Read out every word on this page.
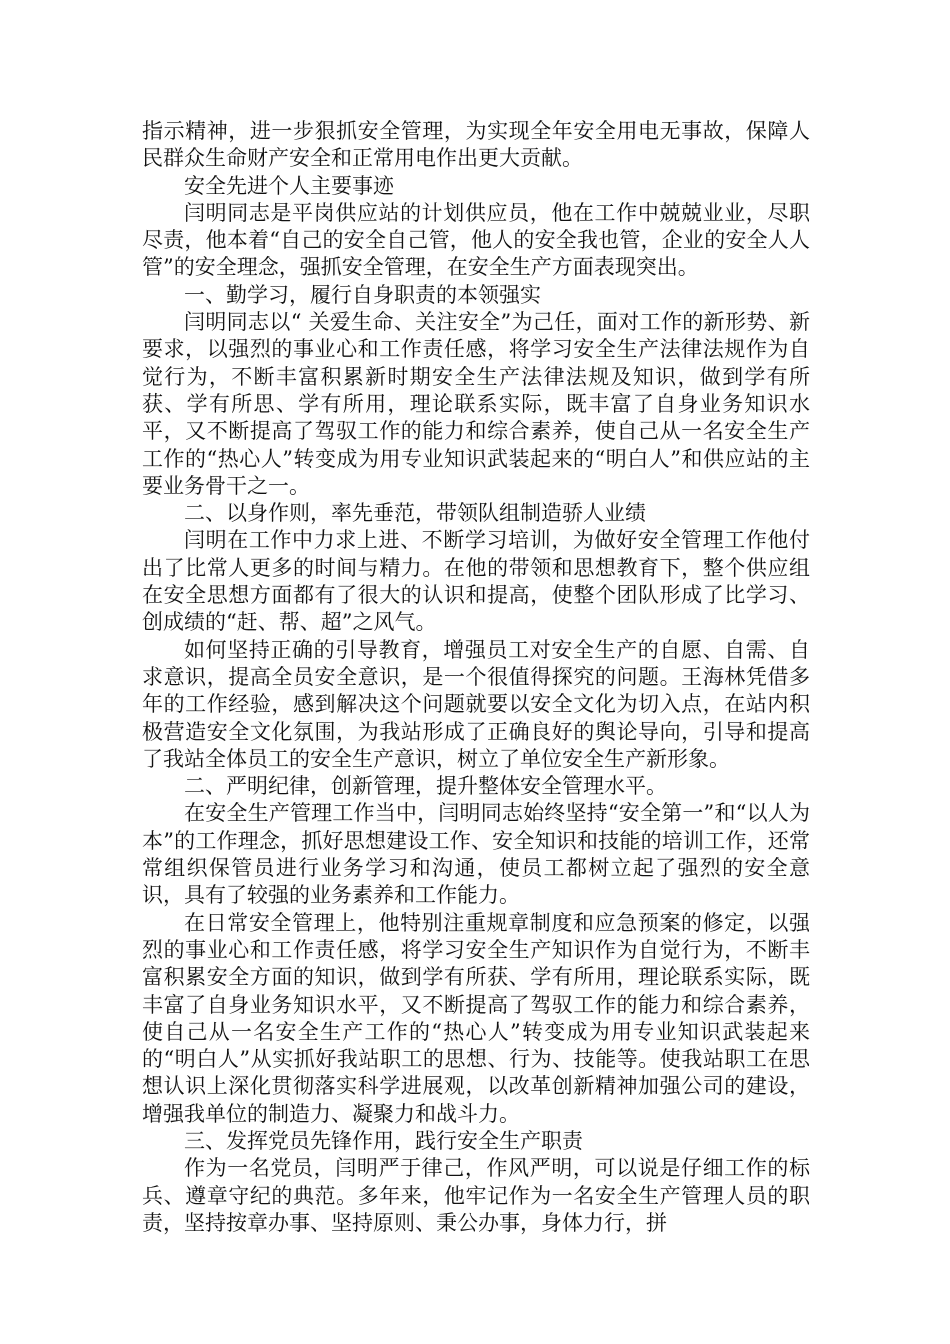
指示精神，进一步狠抓安全管理，为实现全年安全用电无事故，保障人民群众生命财产安全和正常用电作出更大贡献。

安全先进个人主要事迹

闫明同志是平岗供应站的计划供应员，他在工作中兢兢业业，尽职尽责，他本着“自己的安全自己管，他人的安全我也管，企业的安全人人管”的安全理念，强抓安全管理，在安全生产方面表现突出。

一、勤学习，履行自身职责的本领强实

闫明同志以“ 关爱生命、关注安全”为己任，面对工作的新形势、新要求，以强烈的事业心和工作责任感，将学习安全生产法律法规作为自觉行为，不断丰富积累新时期安全生产法律法规及知识，做到学有所获、学有所思、学有所用，理论联系实际，既丰富了自身业务知识水平，又不断提高了驾驭工作的能力和综合素养，使自己从一名安全生产工作的“热心人”转变成为用专业知识武装起来的“明白人”和供应站的主要业务骨干之一。

二、以身作则，率先垂范，带领队组制造骄人业绩

闫明在工作中力求上进、不断学习培训，为做好安全管理工作他付出了比常人更多的时间与精力。在他的带领和思想教育下，整个供应组在安全思想方面都有了很大的认识和提高，使整个团队形成了比学习、创成绩的“赶、帮、超”之风气。

如何坚持正确的引导教育，增强员工对安全生产的自愿、自需、自求意识，提高全员安全意识，是一个很值得探究的问题。王海林凭借多年的工作经验，感到解决这个问题就要以安全文化为切入点，在站内积极营造安全文化氛围，为我站形成了正确良好的舆论导向，引导和提高了我站全体员工的安全生产意识，树立了单位安全生产新形象。

二、严明纪律，创新管理，提升整体安全管理水平。

在安全生产管理工作当中，闫明同志始终坚持“安全第一”和“以人为本”的工作理念，抓好思想建设工作、安全知识和技能的培训工作，还常常组织保管员进行业务学习和沟通，使员工都树立起了强烈的安全意识，具有了较强的业务素养和工作能力。

在日常安全管理上，他特别注重规章制度和应急预案的修定，以强烈的事业心和工作责任感，将学习安全生产知识作为自觉行为，不断丰富积累安全方面的知识，做到学有所获、学有所用，理论联系实际，既丰富了自身业务知识水平，又不断提高了驾驭工作的能力和综合素养，使自己从一名安全生产工作的“热心人”转变成为用专业知识武装起来的“明白人”从实抓好我站职工的思想、行为、技能等。使我站职工在思想认识上深化贯彻落实科学进展观，以改革创新精神加强公司的建设，增强我单位的制造力、凝聚力和战斗力。

三、发挥党员先锋作用，践行安全生产职责

作为一名党员，闫明严于律己，作风严明，可以说是仔细工作的标兵、遵章守纪的典范。多年来，他牢记作为一名安全生产管理人员的职责，坚持按章办事、坚持原则、秉公办事，身体力行，拼
